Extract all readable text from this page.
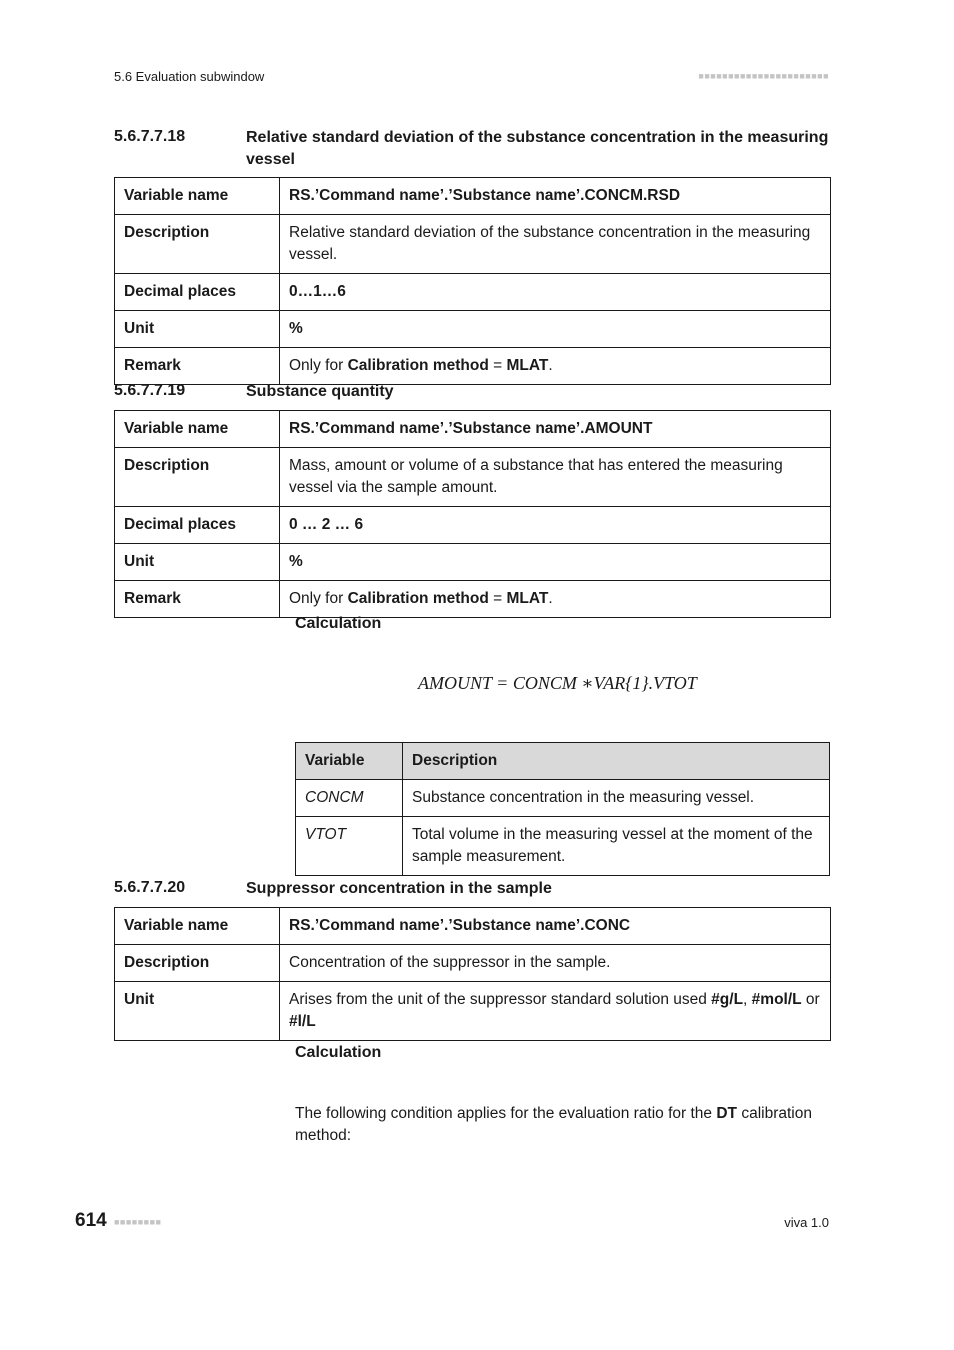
5.6 Evaluation subwindow	■■■■■■■■■■■■■■■■■■■■■■
5.6.7.7.18	Relative standard deviation of the substance concentration in the measuring vessel
Variable name	RS.’Command name’.’Substance name’.CONCM.RSD
Description	Relative standard deviation of the substance concentration in the measuring vessel.
Decimal places	0…1…6
Unit	%
Remark	Only for Calibration method = MLAT.
5.6.7.7.19	Substance quantity
Variable name	RS.’Command name’.’Substance name’.AMOUNT
Description	Mass, amount or volume of a substance that has entered the measuring vessel via the sample amount.
Decimal places	0 … 2 … 6
Unit	%
Remark	Only for Calibration method = MLAT.
Calculation
AMOUNT = CONCM ∗VAR{1}.VTOT
Variable	Description
CONCM	Substance concentration in the measuring vessel.
VTOT	Total volume in the measuring vessel at the moment of the sample measurement.
5.6.7.7.20	Suppressor concentration in the sample
Variable name	RS.’Command name’.’Substance name’.CONC
Description	Concentration of the suppressor in the sample.
Unit	Arises from the unit of the suppressor standard solution used #g/L, #mol/L or #l/L
Calculation
The following condition applies for the evaluation ratio for the DT calibration method:
614 ■■■■■■■■	viva 1.0
